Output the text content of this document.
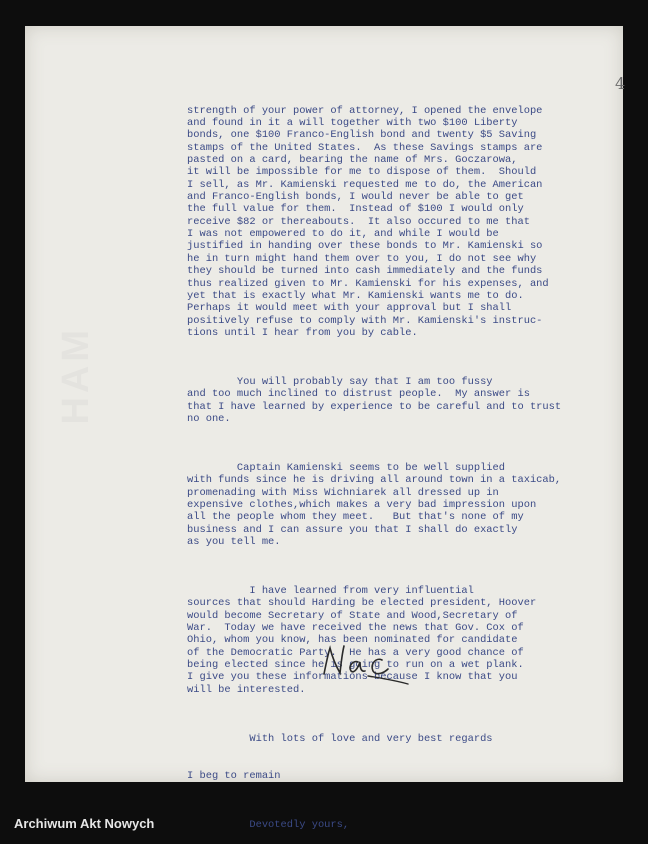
HAM
4

strength of your power of attorney, I opened the envelope
and found in it a will together with two $100 Liberty
bonds, one $100 Franco-English bond and twenty $5 Saving
stamps of the United States.  As these Savings stamps are
pasted on a card, bearing the name of Mrs. Goczarowa,
it will be impossible for me to dispose of them.  Should
I sell, as Mr. Kamienski requested me to do, the American
and Franco-English bonds, I would never be able to get
the full value for them.  Instead of $100 I would only
receive $82 or thereabouts.  It also occured to me that
I was not empowered to do it, and while I would be
justified in handing over these bonds to Mr. Kamienski so
he in turn might hand them over to you, I do not see why
they should be turned into cash immediately and the funds
thus realized given to Mr. Kamienski for his expenses, and
yet that is exactly what Mr. Kamienski wants me to do.
Perhaps it would meet with your approval but I shall
positively refuse to comply with Mr. Kamienski's instruc-
tions until I hear from you by cable.

You will probably say that I am too fussy
and too much inclined to distrust people.  My answer is
that I have learned by experience to be careful and to trust
no one.

Captain Kamienski seems to be well supplied
with funds since he is driving all around town in a taxicab,
promenading with Miss Wichniarek all dressed up in
expensive clothes,which makes a very bad impression upon
all the people whom they meet.   But that's none of my
business and I can assure you that I shall do exactly
as you tell me.

I have learned from very influential
sources that should Harding be elected president, Hoover
would become Secretary of State and Wood,Secretary of
War.  Today we have received the news that Gov. Cox of
Ohio, whom you know, has been nominated for candidate
of the Democratic Party.  He has a very good chance of
being elected since he is going to run on a wet plank.
I give you these informations because I know that you
will be interested.

With lots of love and very best regards

I beg to remain

Devotedly yours,

Archiwum Akt Nowych
